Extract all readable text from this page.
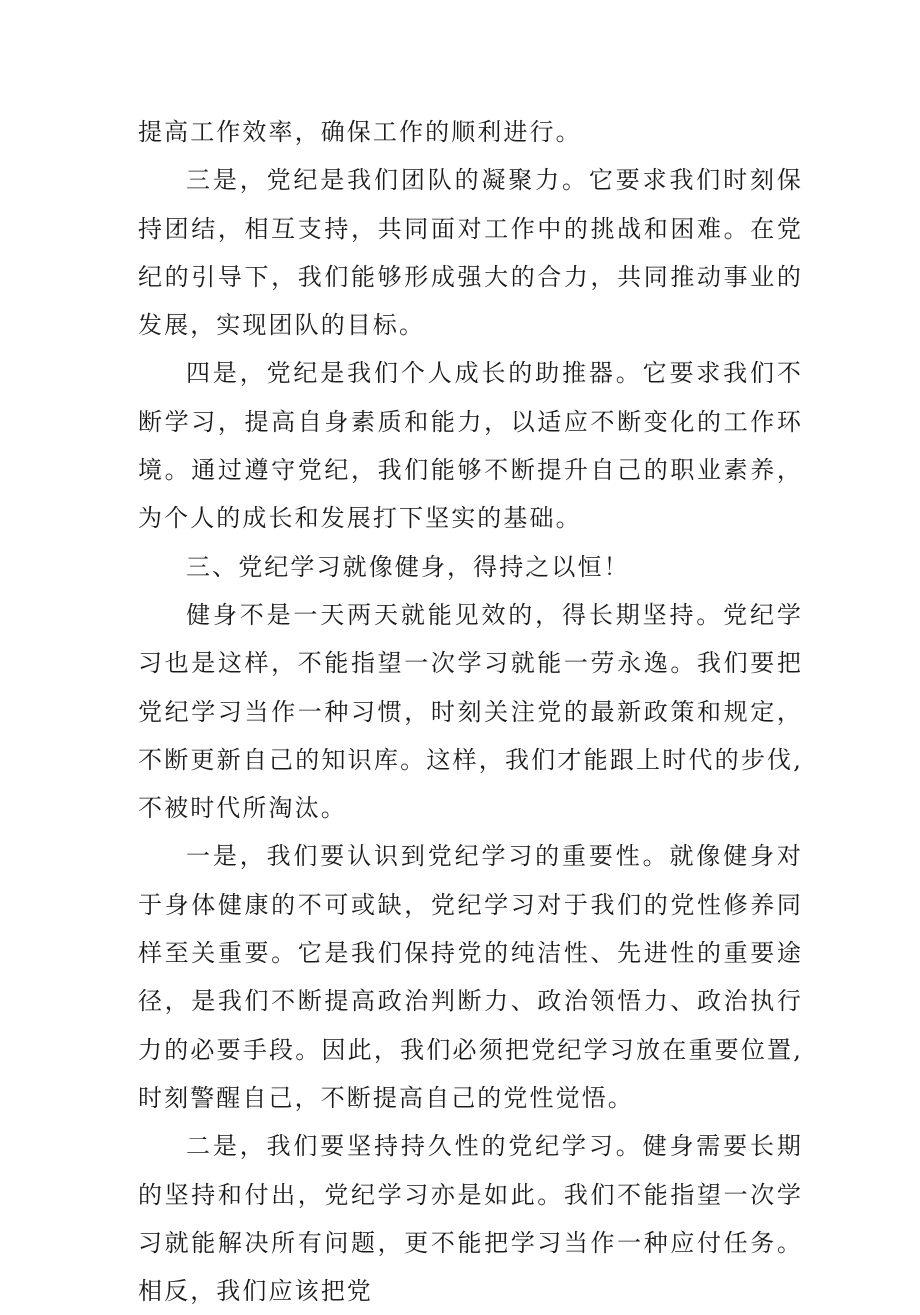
提高工作效率，确保工作的顺利进行。

三是，党纪是我们团队的凝聚力。它要求我们时刻保持团结，相互支持，共同面对工作中的挑战和困难。在党纪的引导下，我们能够形成强大的合力，共同推动事业的发展，实现团队的目标。

四是，党纪是我们个人成长的助推器。它要求我们不断学习，提高自身素质和能力，以适应不断变化的工作环境。通过遵守党纪，我们能够不断提升自己的职业素养，为个人的成长和发展打下坚实的基础。

三、党纪学习就像健身，得持之以恒！

健身不是一天两天就能见效的，得长期坚持。党纪学习也是这样，不能指望一次学习就能一劳永逸。我们要把党纪学习当作一种习惯，时刻关注党的最新政策和规定，不断更新自己的知识库。这样，我们才能跟上时代的步伐,不被时代所淘汰。

一是，我们要认识到党纪学习的重要性。就像健身对于身体健康的不可或缺，党纪学习对于我们的党性修养同样至关重要。它是我们保持党的纯洁性、先进性的重要途径，是我们不断提高政治判断力、政治领悟力、政治执行力的必要手段。因此，我们必须把党纪学习放在重要位置,时刻警醒自己，不断提高自己的党性觉悟。

二是，我们要坚持持久性的党纪学习。健身需要长期的坚持和付出，党纪学习亦是如此。我们不能指望一次学习就能解决所有问题，更不能把学习当作一种应付任务。相反，我们应该把党
